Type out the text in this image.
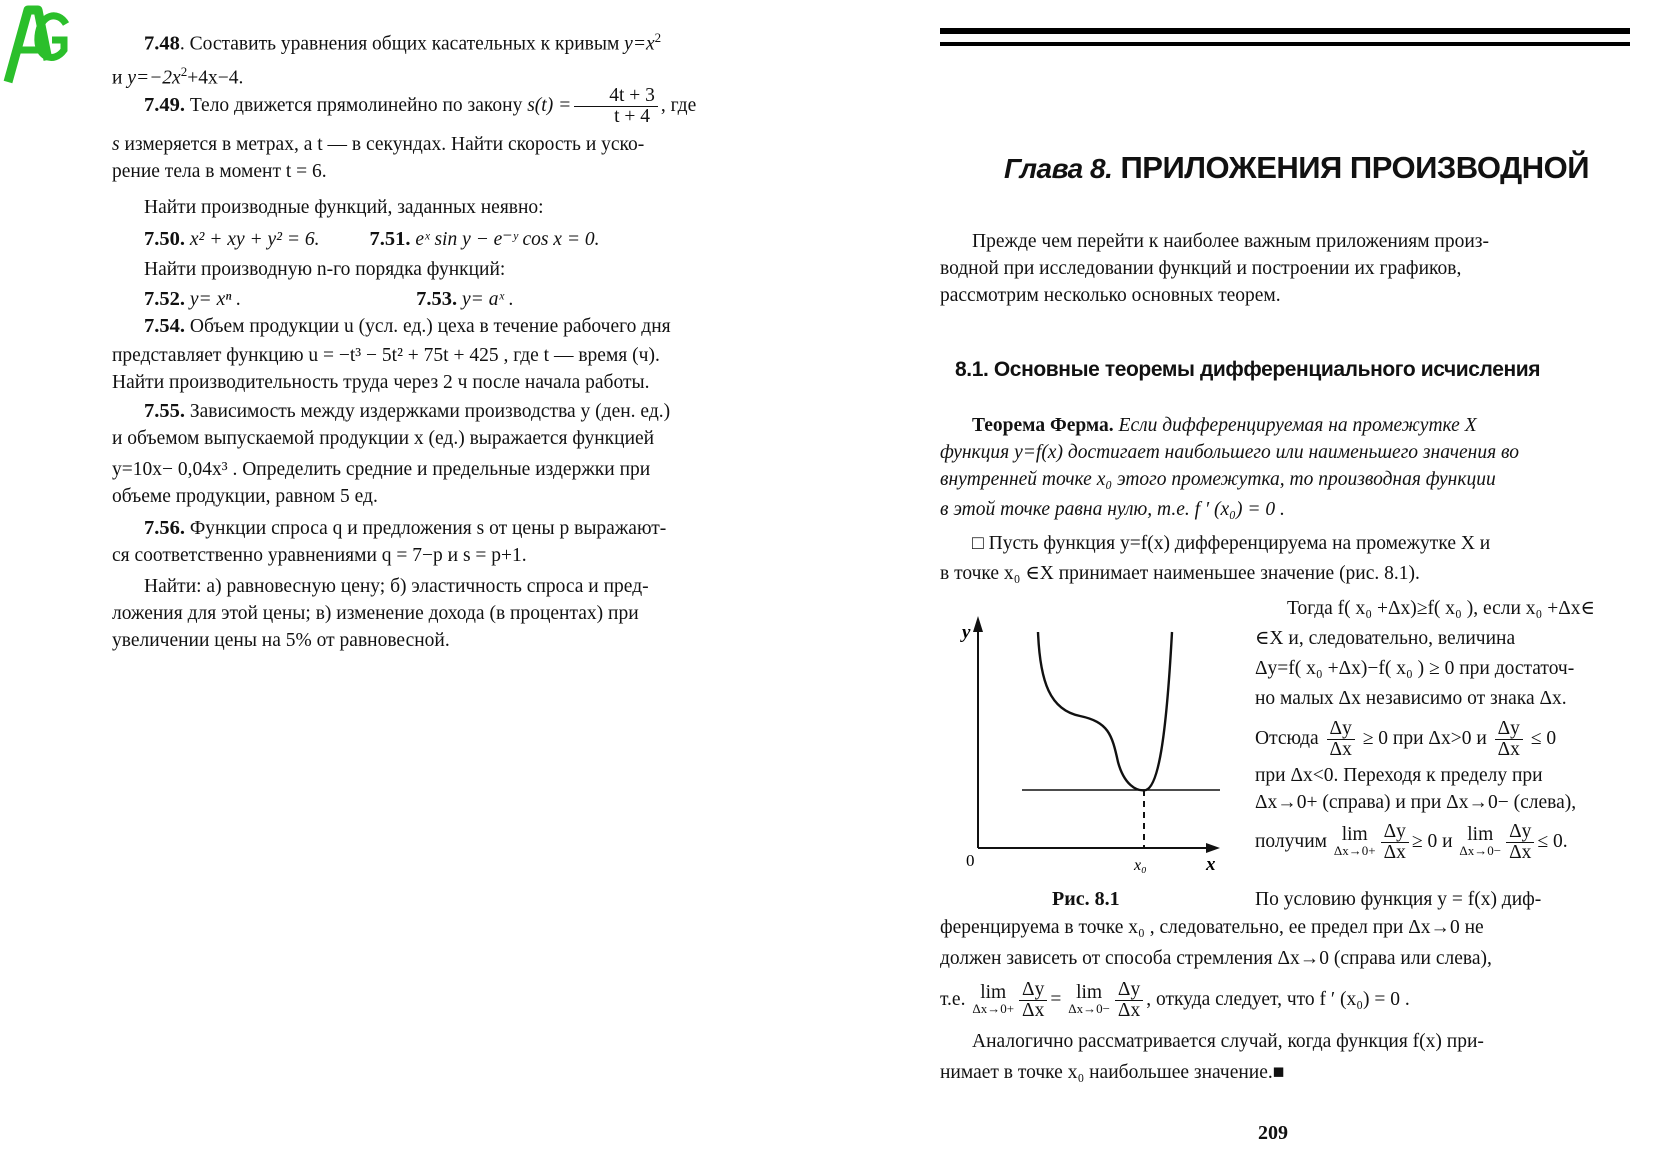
7.48. Составить уравнения общих касательных к кривым $y=x^2$

и $y=-2x^2+4x-4$.

7.49. Тело движется прямолинейно по закону $s(t) = \frac{4t + 3}{t + 4}$ , где

s измеряется в метрах, а t — в секундах. Найти скорость и уско-

рение тела в момент t = 6.

Найти производные функций, заданных неявно:

7.50. x² + xy + y² = 6. 7.51. eˣ sin y − e⁻ʸ cos x = 0.

Найти производную n-го порядка функций:

7.52. y= xⁿ .	7.53. y= aˣ .

7.54. Объем продукции u (усл. ед.) цеха в течение рабочего дня

представляет функцию u = −t³ − 5t² + 75t + 425 , где t — время (ч).

Найти производительность труда через 2 ч после начала работы.

7.55. Зависимость между издержками производства y (ден. ед.)

и объемом выпускаемой продукции x (ед.) выражается функцией

y=10x− 0,04x³ . Определить средние и предельные издержки при

объеме продукции, равном 5 ед.

7.56. Функции спроса q и предложения s от цены p выражают-

ся соответственно уравнениями q = 7−p и s = p+1.

Найти: а) равновесную цену; б) эластичность спроса и пред-

ложения для этой цены; в) изменение дохода (в процентах) при

увеличении цены на 5% от равновесной.

Глава 8. ПРИЛОЖЕНИЯ ПРОИЗВОДНОЙ

Прежде чем перейти к наиболее важным приложениям произ-

водной при исследовании функций и построении их графиков,

рассмотрим несколько основных теорем.

8.1. Основные теоремы дифференциального исчисления

Теорема Ферма. Если дифференцируемая на промежутке X

функция y=f(x) достигает наибольшего или наименьшего значения во

внутренней точке x₀ этого промежутка, то производная функции

в этой точке равна нулю, т.е. f ′ (x₀) = 0 .

□ Пусть функция y=f(x) дифференцируема на промежутке X и

в точке x₀ ∈X принимает наименьшее значение (рис. 8.1).

y
x
0	x₀
Рис. 8.1

Тогда f( x₀ +Δx)≥f( x₀ ), если x₀ +Δx∈

∈X и, следовательно, величина

Δy=f( x₀ +Δx)−f( x₀ ) ≥ 0 при достаточ-

но малых Δx независимо от знака Δx.

Отсюда $\frac{\Delta y}{\Delta x} \ge 0$ при Δx>0 и $\frac{\Delta y}{\Delta x} \le 0$

при Δx<0. Переходя к пределу при

Δx→0+ (справа) и при Δx→0− (слева),

получим lim
$\Delta x\to 0+ \frac{\Delta y}{\Delta x} \ge 0$ и lim
$\Delta x\to 0- \frac{\Delta y}{\Delta x} \le 0$.

По условию функция y = f(x) диф-

ференцируема в точке x₀ , следовательно, ее предел при Δx→0 не

должен зависеть от способа стремления Δx→0 (справа или слева),

т.е. lim
$\Delta x\to 0+ \frac{\Delta y}{\Delta x} = \lim$
$\Delta x\to 0- \frac{\Delta y}{\Delta x}$ , откуда следует, что f ′ (x₀) = 0 .

Аналогично рассматривается случай, когда функция f(x) при-

нимает в точке x₀ наибольшее значение.■

209
